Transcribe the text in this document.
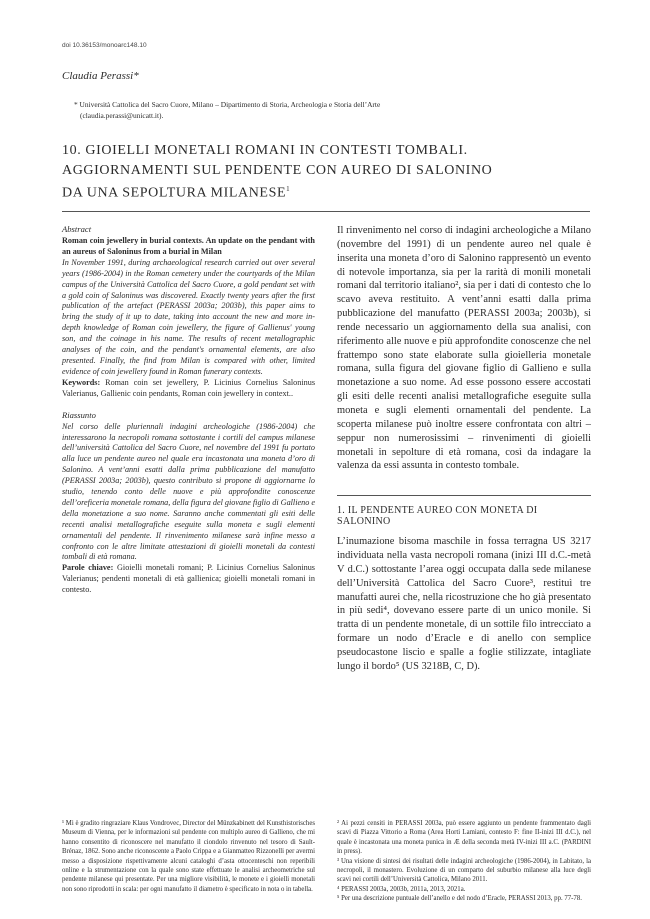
doi 10.36153/monoarc148.10
Claudia Perassi*
* Università Cattolica del Sacro Cuore, Milano – Dipartimento di Storia, Archeologia e Storia dell’Arte
(claudia.perassi@unicatt.it).
10. GIOIELLI MONETALI ROMANI IN CONTESTI TOMBALI.
AGGIORNAMENTI SUL PENDENTE CON AUREO DI SALONINO
DA UNA SEPOLTURA MILANESE$^1$
Abstract

Roman coin jewellery in burial contexts. An update on the pendant with an aureus of Saloninus from a burial in Milan

In November 1991, during archaeological research carried out over several years (1986-2004) in the Roman cemetery under the courtyards of the Milan campus of the Università Cattolica del Sacro Cuore, a gold pendant set with a gold coin of Saloninus was discovered. Exactly twenty years after the first publication of the artefact (PERASSI 2003a; 2003b), this paper aims to bring the study of it up to date, taking into account the new and more in-depth knowledge of Roman coin jewellery, the figure of Gallienus' young son, and the coinage in his name. The results of recent metallographic analyses of the coin, and the pendant's ornamental elements, are also presented. Finally, the find from Milan is compared with other, limited evidence of coin jewellery found in Roman funerary contexts.

Keywords: Roman coin set jewellery, P. Licinius Cornelius Saloninus Valerianus, Gallienic coin pendants, Roman coin jewellery in context..

Riassunto

Nel corso delle pluriennali indagini archeologiche (1986-2004) che interessarono la necropoli romana sottostante i cortili del campus milanese dell’università Cattolica del Sacro Cuore, nel novembre del 1991 fu portato alla luce un pendente aureo nel quale era incastonata una moneta d’oro di Salonino. A vent’anni esatti dalla prima pubblicazione del manufatto (PERASSI 2003a; 2003b), questo contributo si propone di aggiornarne lo studio, tenendo conto delle nuove e più approfondite conoscenze dell’oreficeria monetale romana, della figura del giovane figlio di Gallieno e della monetazione a suo nome. Saranno anche commentati gli esiti delle recenti analisi metallografiche eseguite sulla moneta e sugli elementi ornamentali del pendente. Il rinvenimento milanese sarà infine messo a confronto con le altre limitate attestazioni di gioielli monetali da contesti tombali di età romana.

Parole chiave: Gioielli monetali romani; P. Licinius Cornelius Saloninus Valerianus; pendenti monetali di età gallienica; gioielli monetali romani in contesto.

Il rinvenimento nel corso di indagini archeologiche a Milano (novembre del 1991) di un pendente aureo nel quale è inserita una moneta d’oro di Salonino rappresentò un evento di notevole importanza, sia per la rarità di monili monetali romani dal territorio italiano², sia per i dati di contesto che lo scavo aveva restituito. A vent’anni esatti dalla prima pubblicazione del manufatto (PERASSI 2003a; 2003b), si rende necessario un aggiornamento della sua analisi, con riferimento alle nuove e più approfondite conoscenze che nel frattempo sono state elaborate sulla gioielleria monetale romana, sulla figura del giovane figlio di Gallieno e sulla monetazione a suo nome. Ad esse possono essere accostati gli esiti delle recenti analisi metallografiche eseguite sulla moneta e sugli elementi ornamentali del pendente. La scoperta milanese può inoltre essere confrontata con altri – seppur non numerosissimi – rinvenimenti di gioielli monetali in sepolture di età romana, così da indagare la valenza da essi assunta in contesto tombale.

1. IL PENDENTE AUREO CON MONETA DI SALONINO

L’inumazione bisoma maschile in fossa terragna US 3217 individuata nella vasta necropoli romana (inizi III d.C.-metà V d.C.) sottostante l’area oggi occupata dalla sede milanese dell’Università Cattolica del Sacro Cuore³, restituì tre manufatti aurei che, nella ricostruzione che ho già presentato in più sedi⁴, dovevano essere parte di un unico monile. Si tratta di un pendente monetale, di un sottile filo intrecciato a formare un nodo d’Eracle e di anello con semplice pseudocastone liscio e spalle a foglie stilizzate, intagliate lungo il bordo⁵ (US 3218B, C, D).

¹ Mi è gradito ringraziare Klaus Vondrovec, Director del Münzkabinett del Kunsthistorisches Museum di Vienna, per le informazioni sul pendente con multiplo aureo di Gallieno, che mi hanno consentito di riconoscere nel manufatto il ciondolo rinvenuto nel tesoro di Sault-Brénaz, 1862. Sono anche riconoscente a Paolo Crippa e a Gianmatteo Rizzonelli per avermi messo a disposizione rispettivamente alcuni cataloghi d’asta ottocenteschi non reperibili online e la strumentazione con la quale sono state effettuate le analisi archeometriche sul pendente milanese qui presentate. Per una migliore visibilità, le monete e i gioielli monetali non sono riprodotti in scala: per ogni manufatto il diametro è specificato in nota o in tabella.

² Ai pezzi censiti in PERASSI 2003a, può essere aggiunto un pendente frammentato dagli scavi di Piazza Vittorio a Roma (Area Horti Lamiani, contesto F: fine II-inizi III d.C.), nel quale è incastonata una moneta punica in Æ della seconda metà IV-inizi III a.C. (PARDINI in press).

³ Una visione di sintesi dei risultati delle indagini archeologiche (1986-2004), in Labitato, la necropoli, il monastero. Evoluzione di un comparto del suburbio milanese alla luce degli scavi nei cortili dell’Università Cattolica, Milano 2011.

⁴ PERASSI 2003a, 2003b, 2011a, 2013, 2021a.

⁵ Per una descrizione puntuale dell’anello e del nodo d’Eracle, PERASSI 2013, pp. 77-78.
